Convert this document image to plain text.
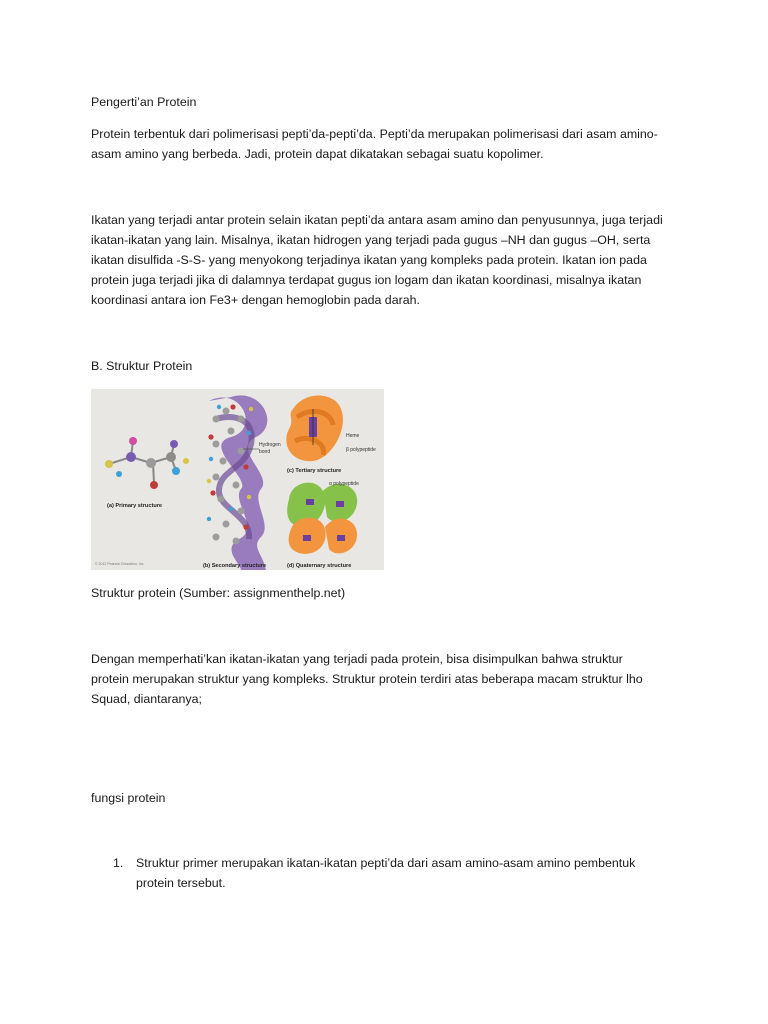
Pengerti’an Protein

Protein terbentuk dari polimerisasi pepti’da-pepti’da. Pepti’da merupakan polimerisasi dari asam amino-

asam amino yang berbeda. Jadi, protein dapat dikatakan sebagai suatu kopolimer.

Ikatan yang terjadi antar protein selain ikatan pepti’da antara asam amino dan penyusunnya, juga terjadi

ikatan-ikatan yang lain. Misalnya, ikatan hidrogen yang terjadi pada gugus –NH dan gugus –OH, serta

ikatan disulfida -S-S- yang menyokong terjadinya ikatan yang kompleks pada protein. Ikatan ion pada

protein juga terjadi jika di dalamnya terdapat gugus ion logam dan ikatan koordinasi, misalnya ikatan

koordinasi antara ion Fe3+ dengan hemoglobin pada darah.

B. Struktur Protein

(a) Primary structure
Hydrogen
bond
(b) Secondary structure
Heme
β polypeptide
(c) Tertiary structure
α polypeptide
(d) Quaternary structure
© 2012 Pearson Education, Inc.

Struktur protein (Sumber: assignmenthelp.net)

Dengan memperhati’kan ikatan-ikatan yang terjadi pada protein, bisa disimpulkan bahwa struktur

protein merupakan struktur yang kompleks. Struktur protein terdiri atas beberapa macam struktur lho

Squad, diantaranya;

fungsi protein

1. Struktur primer merupakan ikatan-ikatan pepti’da dari asam amino-asam amino pembentuk
protein tersebut.
